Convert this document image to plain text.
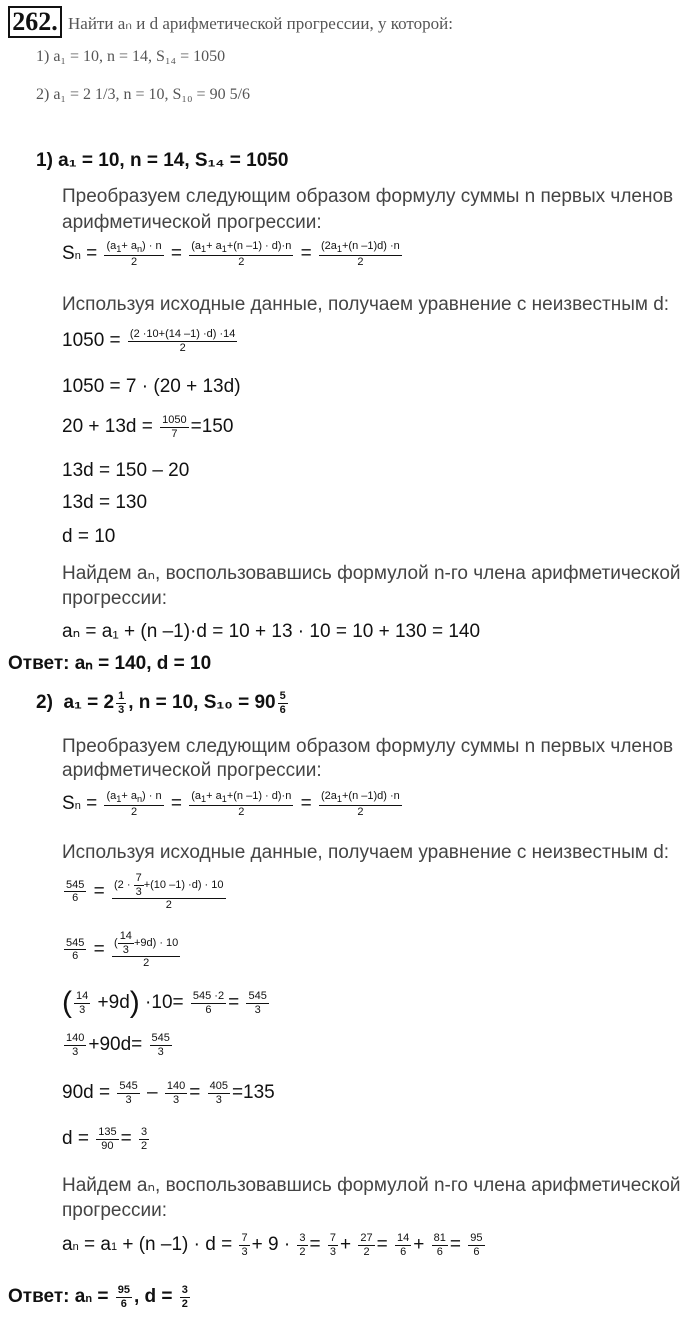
262. Найти aₙ и d арифметической прогрессии, у которой:
1) a₁ = 10, n = 14, S₁₄ = 1050
2) a₁ = 2 1/3, n = 10, S₁₀ = 90 5/6
1) a₁ = 10, n = 14, S₁₄ = 1050
Преобразуем следующим образом формулу суммы n первых членов
арифметической прогрессии:
$Sn = \frac{(a_1+ a_n) \cdot n}{2} = \frac{(a_1+ a_1+(n -1) \cdot d)\cdot n}{2} = \frac{(2a_1+(n -1)d) \cdot n}{2}$
Используя исходные данные, получаем уравнение с неизвестным d:
$1050 = \frac{(2 \cdot 10+(14 -1) \cdot d) \cdot 14}{2}$
1050 = 7 · (20 + 13d)
$20 + 13d = \frac{1050}{7} =150$
13d = 150 – 20
13d = 130
d = 10
Найдем aₙ, воспользовавшись формулой n-го члена арифметической
прогрессии:
aₙ = a₁ + (n –1)·d = 10 + 13 · 10 = 10 + 130 = 140
Ответ: aₙ = 140, d = 10
2)  $a_1 = 2 \frac{1}{3}$ , n = 10, $S_{10} = 90 \frac{5}{6}$
Преобразуем следующим образом формулу суммы n первых членов
арифметической прогрессии:
$Sn = \frac{(a_1+ a_n) \cdot n}{2} = \frac{(a_1+ a_1+(n -1) \cdot d)\cdot n}{2} = \frac{(2a_1+(n -1)d) \cdot n}{2}$
Используя исходные данные, получаем уравнение с неизвестным d:
$\frac{545}{6} = \frac{(2 \cdot \frac{7}{3} +(10 -1) \cdot d) \cdot 10}{2}$
$\frac{545}{6} = \frac{( \frac{14}{3} +9d) \cdot 10}{2}$
( $\frac{14}{3} +9d) \cdot 10= \frac{545 \cdot 2}{6} = \frac{545}{3}$
$\frac{140}{3} +90d= \frac{545}{3}$
$90d = \frac{545}{3} - \frac{140}{3} = \frac{405}{3} =135$
$d = \frac{135}{90} = \frac{3}{2}$
Найдем aₙ, воспользовавшись формулой n-го члена арифметической
прогрессии:
an = a1 + (n $-1) \cdot d = \frac{7}{3} + 9 \cdot \frac{3}{2} = \frac{7}{3} + \frac{27}{2} = \frac{14}{6} + \frac{81}{6} = \frac{95}{6}$
Ответ: an = $\frac{95}{6}$ , $d = \frac{3}{2}$
